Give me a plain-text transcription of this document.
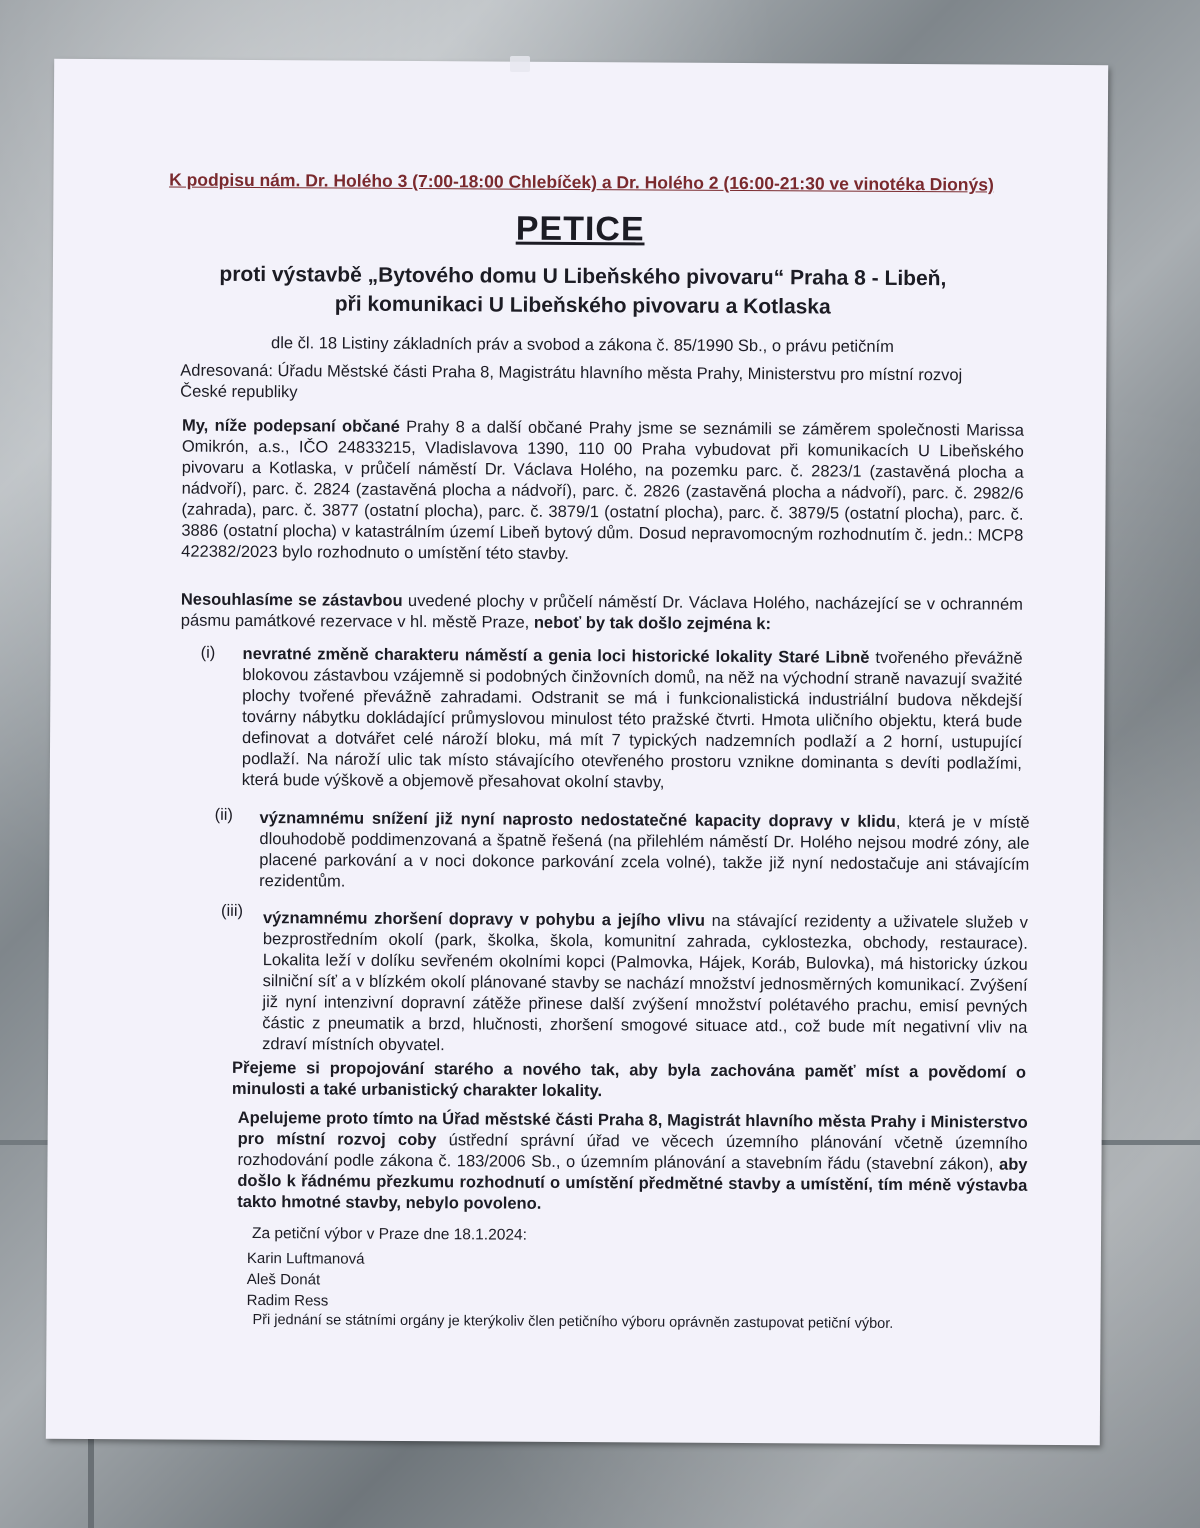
K podpisu nám. Dr. Holého 3 (7:00-18:00 Chlebíček) a Dr. Holého 2 (16:00-21:30 ve vinotéka Dionýs)
PETICE
proti výstavbě „Bytového domu U Libeňského pivovaru“ Praha 8 - Libeň,
při komunikaci U Libeňského pivovaru a Kotlaska
dle čl. 18 Listiny základních práv a svobod a zákona č. 85/1990 Sb., o právu petičním
Adresovaná: Úřadu Městské části Praha 8, Magistrátu hlavního města Prahy, Ministerstvu pro místní rozvoj České republiky
My, níže podepsaní občané Prahy 8 a další občané Prahy jsme se seznámili se záměrem společnosti Marissa Omikrón, a.s., IČO 24833215, Vladislavova 1390, 110 00 Praha vybudovat při komunikacích U Libeňského pivovaru a Kotlaska, v průčelí náměstí Dr. Václava Holého, na pozemku parc. č. 2823/1 (zastavěná plocha a nádvoří), parc. č. 2824 (zastavěná plocha a nádvoří), parc. č. 2826 (zastavěná plocha a nádvoří), parc. č. 2982/6 (zahrada), parc. č. 3877 (ostatní plocha), parc. č. 3879/1 (ostatní plocha), parc. č. 3879/5 (ostatní plocha), parc. č. 3886 (ostatní plocha) v katastrálním území Libeň bytový dům. Dosud nepravomocným rozhodnutím č. jedn.: MCP8 422382/2023 bylo rozhodnuto o umístění této stavby.
Nesouhlasíme se zástavbou uvedené plochy v průčelí náměstí Dr. Václava Holého, nacházející se v ochranném pásmu památkové rezervace v hl. městě Praze, neboť by tak došlo zejména k:
(i) nevratné změně charakteru náměstí a genia loci historické lokality Staré Libně tvořeného převážně blokovou zástavbou vzájemně si podobných činžovních domů, na něž na východní straně navazují svažité plochy tvořené převážně zahradami. Odstranit se má i funkcionalistická industriální budova někdejší továrny nábytku dokládající průmyslovou minulost této pražské čtvrti. Hmota uličního objektu, která bude definovat a dotvářet celé nároží bloku, má mít 7 typických nadzemních podlaží a 2 horní, ustupující podlaží. Na nároží ulic tak místo stávajícího otevřeného prostoru vznikne dominanta s devíti podlažími, která bude výškově a objemově přesahovat okolní stavby,
(ii) významnému snížení již nyní naprosto nedostatečné kapacity dopravy v klidu, která je v místě dlouhodobě poddimenzovaná a špatně řešená (na přilehlém náměstí Dr. Holého nejsou modré zóny, ale placené parkování a v noci dokonce parkování zcela volné), takže již nyní nedostačuje ani stávajícím rezidentům.
(iii) významnému zhoršení dopravy v pohybu a jejího vlivu na stávající rezidenty a uživatele služeb v bezprostředním okolí (park, školka, škola, komunitní zahrada, cyklostezka, obchody, restaurace). Lokalita leží v dolíku sevřeném okolními kopci (Palmovka, Hájek, Koráb, Bulovka), má historicky úzkou silniční síť a v blízkém okolí plánované stavby se nachází množství jednosměrných komunikací. Zvýšení již nyní intenzivní dopravní zátěže přinese další zvýšení množství polétavého prachu, emisí pevných částic z pneumatik a brzd, hlučnosti, zhoršení smogové situace atd., což bude mít negativní vliv na zdraví místních obyvatel.
Přejeme si propojování starého a nového tak, aby byla zachována paměť míst a povědomí o minulosti a také urbanistický charakter lokality.
Apelujeme proto tímto na Úřad městské části Praha 8, Magistrát hlavního města Prahy i Ministerstvo pro místní rozvoj coby ústřední správní úřad ve věcech územního plánování včetně územního rozhodování podle zákona č. 183/2006 Sb., o územním plánování a stavebním řádu (stavební zákon), aby došlo k řádnému přezkumu rozhodnutí o umístění předmětné stavby a umístění, tím méně výstavba takto hmotné stavby, nebylo povoleno.
Za petiční výbor v Praze dne 18.1.2024:
Karin Luftmanová
Aleš Donát
Radim Ress
Při jednání se státními orgány je kterýkoliv člen petičního výboru oprávněn zastupovat petiční výbor.
